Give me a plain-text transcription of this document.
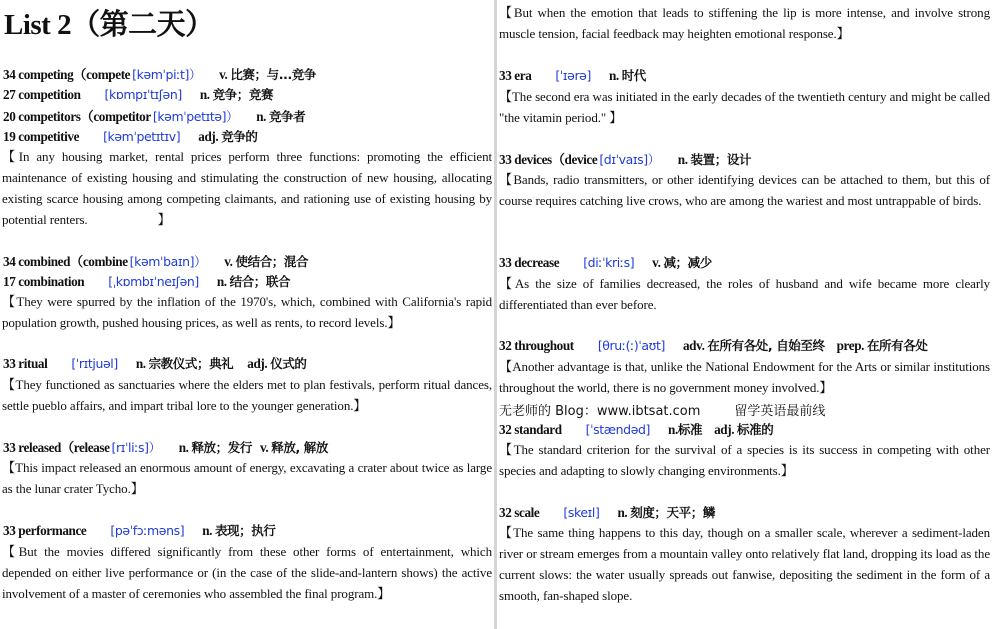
List 2（第二天）
34 competing（compete [kəmˈpiːt]） v. 比赛；与...竞争
27 competition [kɒmpɪˈtɪʃən] n. 竞争；竞赛
20 competitors（competitor [kəmˈpetɪtə]） n. 竞争者
19 competitive [kəmˈpetɪtɪv] adj. 竞争的
【In any housing market, rental prices perform three functions: promoting the efficient maintenance of existing housing and stimulating the construction of new housing, allocating existing scarce housing among competing claimants, and rationing use of existing housing by potential renters.	】
34 combined（combine [kəmˈbaɪn]） v. 使结合；混合
17 combination [ˌkɒmbɪˈneɪʃən] n. 结合；联合
【They were spurred by the inflation of the 1970's, which, combined with California's rapid population growth, pushed housing prices, as well as rents, to record levels.】
33 ritual [ˈrɪtjuəl] n. 宗教仪式；典礼 adj. 仪式的
【They functioned as sanctuaries where the elders met to plan festivals, perform ritual dances, settle pueblo affairs, and impart tribal lore to the younger generation.】
33 released（release [rɪˈliːs]） n. 释放；发行 v. 释放, 解放
【This impact released an enormous amount of energy, excavating a crater about twice as large as the lunar crater Tycho.】
33 performance [pəˈfɔːməns] n. 表现；执行
【But the movies differed significantly from these other forms of entertainment, which depended on either live performance or (in the case of the slide-and-lantern shows) the active involvement of a master of ceremonies who assembled the final program.】
【But when the emotion that leads to stiffening the lip is more intense, and involve strong muscle tension, facial feedback may heighten emotional response.】
33 era [ˈɪərə] n. 时代
【The second era was initiated in the early decades of the twentieth century and might be called "the vitamin period." 】
33 devices（device [dɪˈvaɪs]） n. 装置；设计
【Bands, radio transmitters, or other identifying devices can be attached to them, but this of course requires catching live crows, who are among the wariest and most untrappable of birds.
33 decrease [diːˈkriːs] v. 减；减少
【As the size of families decreased, the roles of husband and wife became more clearly differentiated than ever before.
32 throughout [θruː(ː)ˈaʊt] adv. 在所有各处, 自始至终 prep. 在所有各处
【Another advantage is that, unlike the National Endowment for the Arts or similar institutions throughout the world, there is no government money involved.】
无老师的 Blog：www.ibtsat.com	留学英语最前线
32 standard [ˈstændəd] n.标准 adj. 标准的
【The standard criterion for the survival of a species is its success in competing with other species and adapting to slowly changing environments.】
32 scale [skeɪl] n. 刻度；天平；鳞
【The same thing happens to this day, though on a smaller scale, wherever a sediment-laden river or stream emerges from a mountain valley onto relatively flat land, dropping its load as the current slows: the water usually spreads out fanwise, depositing the sediment in the form of a smooth, fan-shaped slope.
